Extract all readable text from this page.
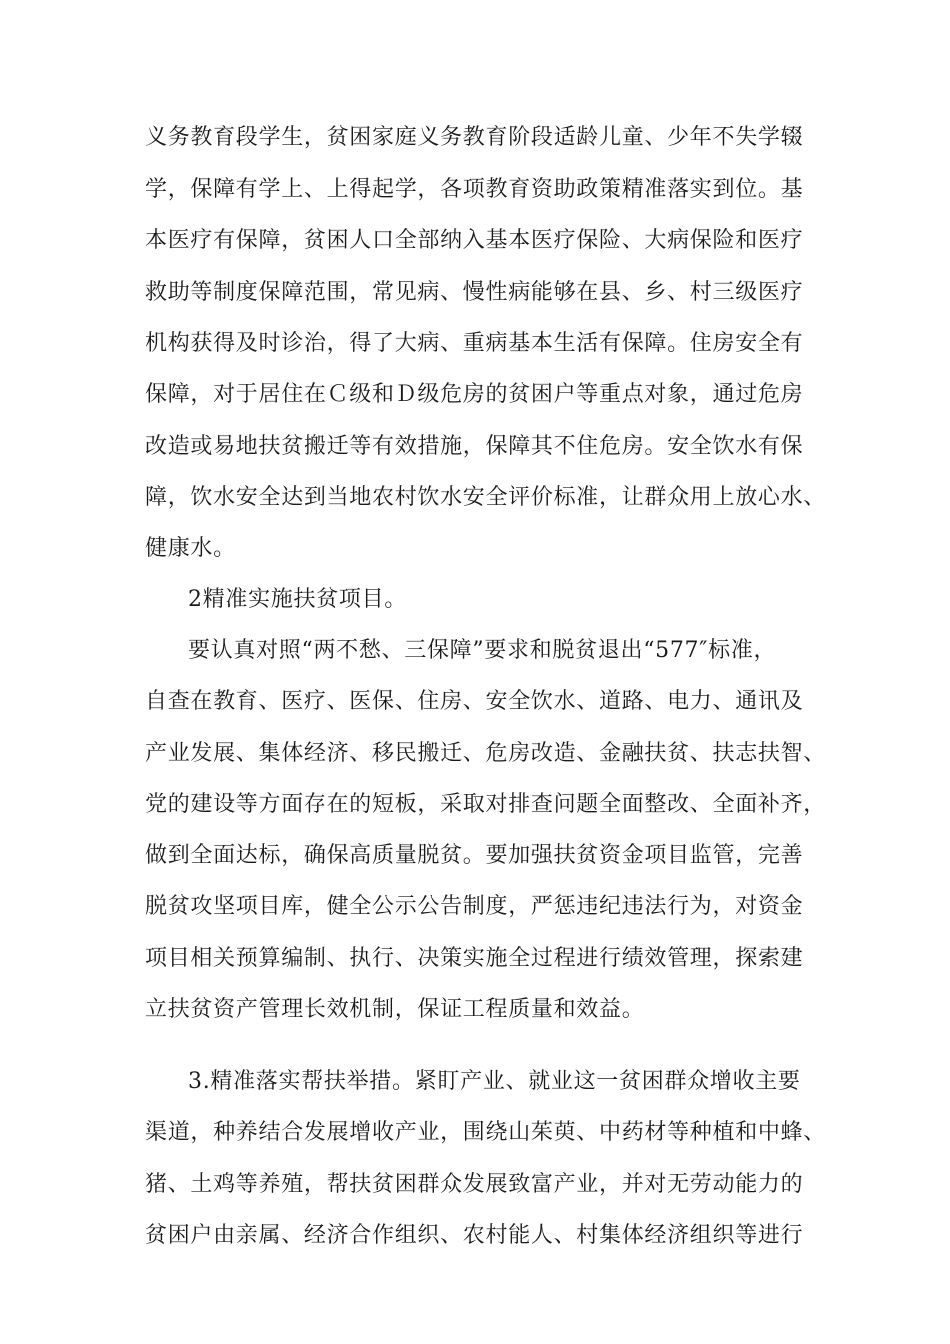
义务教育段学生，贫困家庭义务教育阶段适龄儿童、少年不失学辍
学，保障有学上、上得起学，各项教育资助政策精准落实到位。基
本医疗有保障，贫困人口全部纳入基本医疗保险、大病保险和医疗
救助等制度保障范围，常见病、慢性病能够在县、乡、村三级医疗
机构获得及时诊治，得了大病、重病基本生活有保障。住房安全有
保障，对于居住在Ｃ级和Ｄ级危房的贫困户等重点对象，通过危房
改造或易地扶贫搬迁等有效措施，保障其不住危房。安全饮水有保
障，饮水安全达到当地农村饮水安全评价标准，让群众用上放心水、
健康水。
2精准实施扶贫项目。
要认真对照“两不愁、三保障”要求和脱贫退出“577″标准，
自查在教育、医疗、医保、住房、安全饮水、道路、电力、通讯及
产业发展、集体经济、移民搬迁、危房改造、金融扶贫、扶志扶智、
党的建设等方面存在的短板，采取对排查问题全面整改、全面补齐，
做到全面达标，确保高质量脱贫。要加强扶贫资金项目监管，完善
脱贫攻坚项目库，健全公示公告制度，严惩违纪违法行为，对资金
项目相关预算编制、执行、决策实施全过程进行绩效管理，探索建
立扶贫资产管理长效机制，保证工程质量和效益。
3.精准落实帮扶举措。紧盯产业、就业这一贫困群众增收主要
渠道，种养结合发展增收产业，围绕山茱萸、中药材等种植和中蜂、
猪、土鸡等养殖，帮扶贫困群众发展致富产业，并对无劳动能力的
贫困户由亲属、经济合作组织、农村能人、村集体经济组织等进行
